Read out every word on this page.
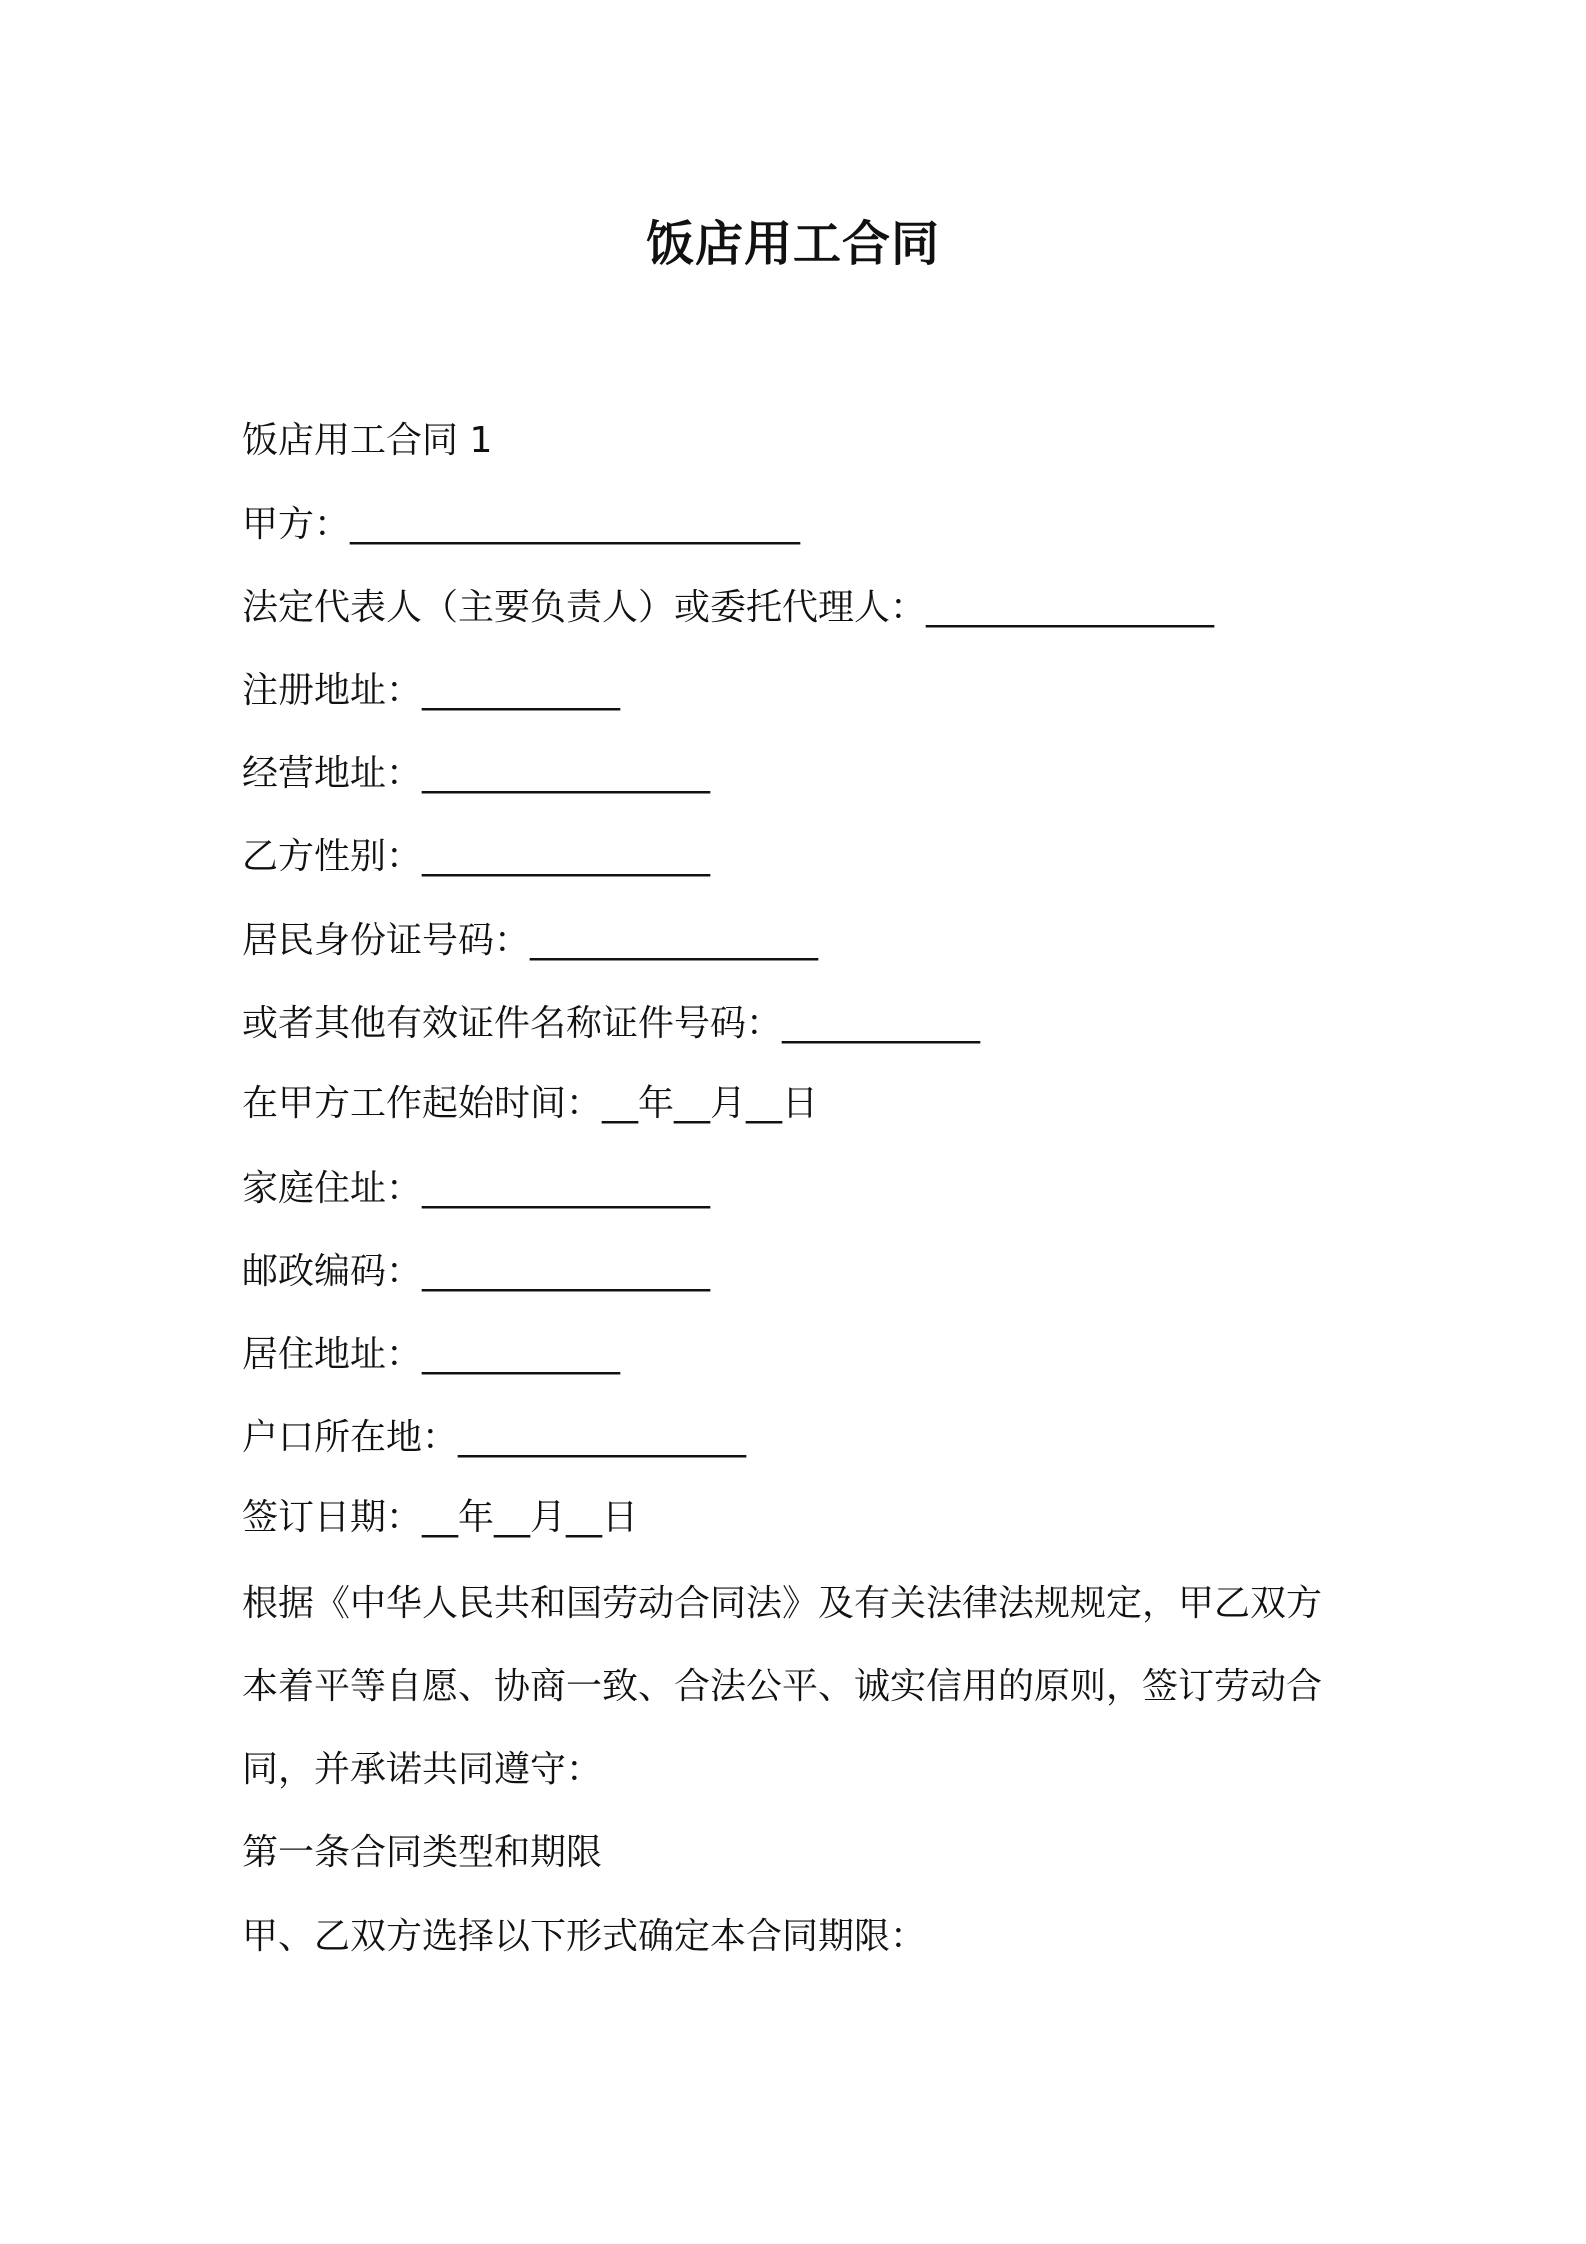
饭店用工合同
饭店用工合同 1
甲方：_________________________
法定代表人（主要负责人）或委托代理人：________________
注册地址：___________
经营地址：________________
乙方性别：________________
居民身份证号码：________________
或者其他有效证件名称证件号码：___________
在甲方工作起始时间：__年__月__日
家庭住址：________________
邮政编码：________________
居住地址：___________
户口所在地：________________
签订日期：__年__月__日
根据《中华人民共和国劳动合同法》及有关法律法规规定，甲乙双方
本着平等自愿、协商一致、合法公平、诚实信用的原则，签订劳动合
同，并承诺共同遵守：
第一条合同类型和期限
甲、乙双方选择以下形式确定本合同期限：
